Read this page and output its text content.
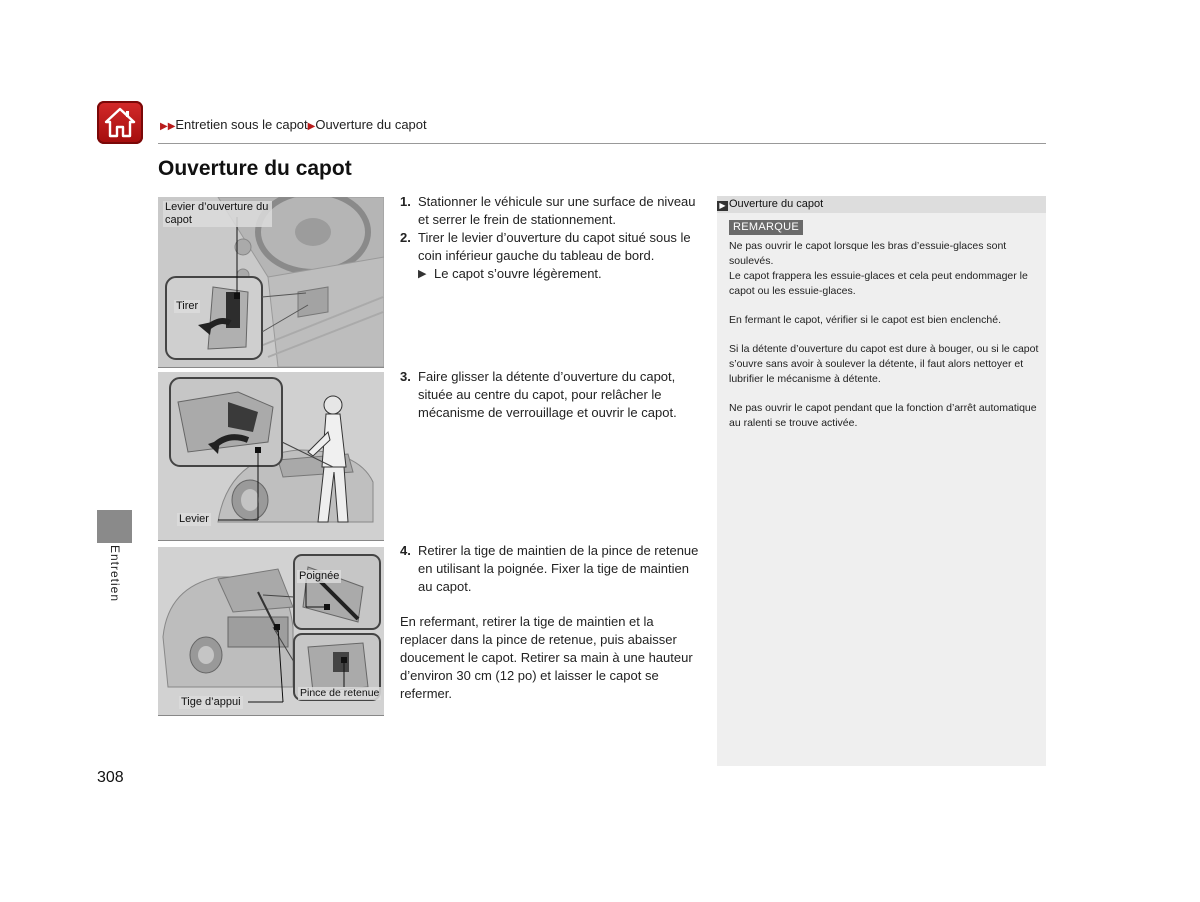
▶▶Entretien sous le capot▶Ouverture du capot
Ouverture du capot
Levier d’ouverture du capot
Tirer
Levier
Poignée
Pince de retenue
Tige d’appui
1. Stationner le véhicule sur une surface de niveau et serrer le frein de stationnement.
2. Tirer le levier d’ouverture du capot situé sous le coin inférieur gauche du tableau de bord.
▶ Le capot s’ouvre légèrement.
3. Faire glisser la détente d’ouverture du capot, située au centre du capot, pour relâcher le mécanisme de verrouillage et ouvrir le capot.
4. Retirer la tige de maintien de la pince de retenue en utilisant la poignée. Fixer la tige de maintien au capot.
En refermant, retirer la tige de maintien et la replacer dans la pince de retenue, puis abaisser doucement le capot. Retirer sa main à une hauteur d’environ 30 cm (12 po) et laisser le capot se refermer.
▶ Ouverture du capot
REMARQUE

Ne pas ouvrir le capot lorsque les bras d’essuie-glaces sont soulevés.
Le capot frappera les essuie-glaces et cela peut endommager le capot ou les essuie-glaces.

En fermant le capot, vérifier si le capot est bien enclenché.

Si la détente d’ouverture du capot est dure à bouger, ou si le capot s’ouvre sans avoir à soulever la détente, il faut alors nettoyer et lubrifier le mécanisme à détente.

Ne pas ouvrir le capot pendant que la fonction d’arrêt automatique au ralenti se trouve activée.

Entretien
308
